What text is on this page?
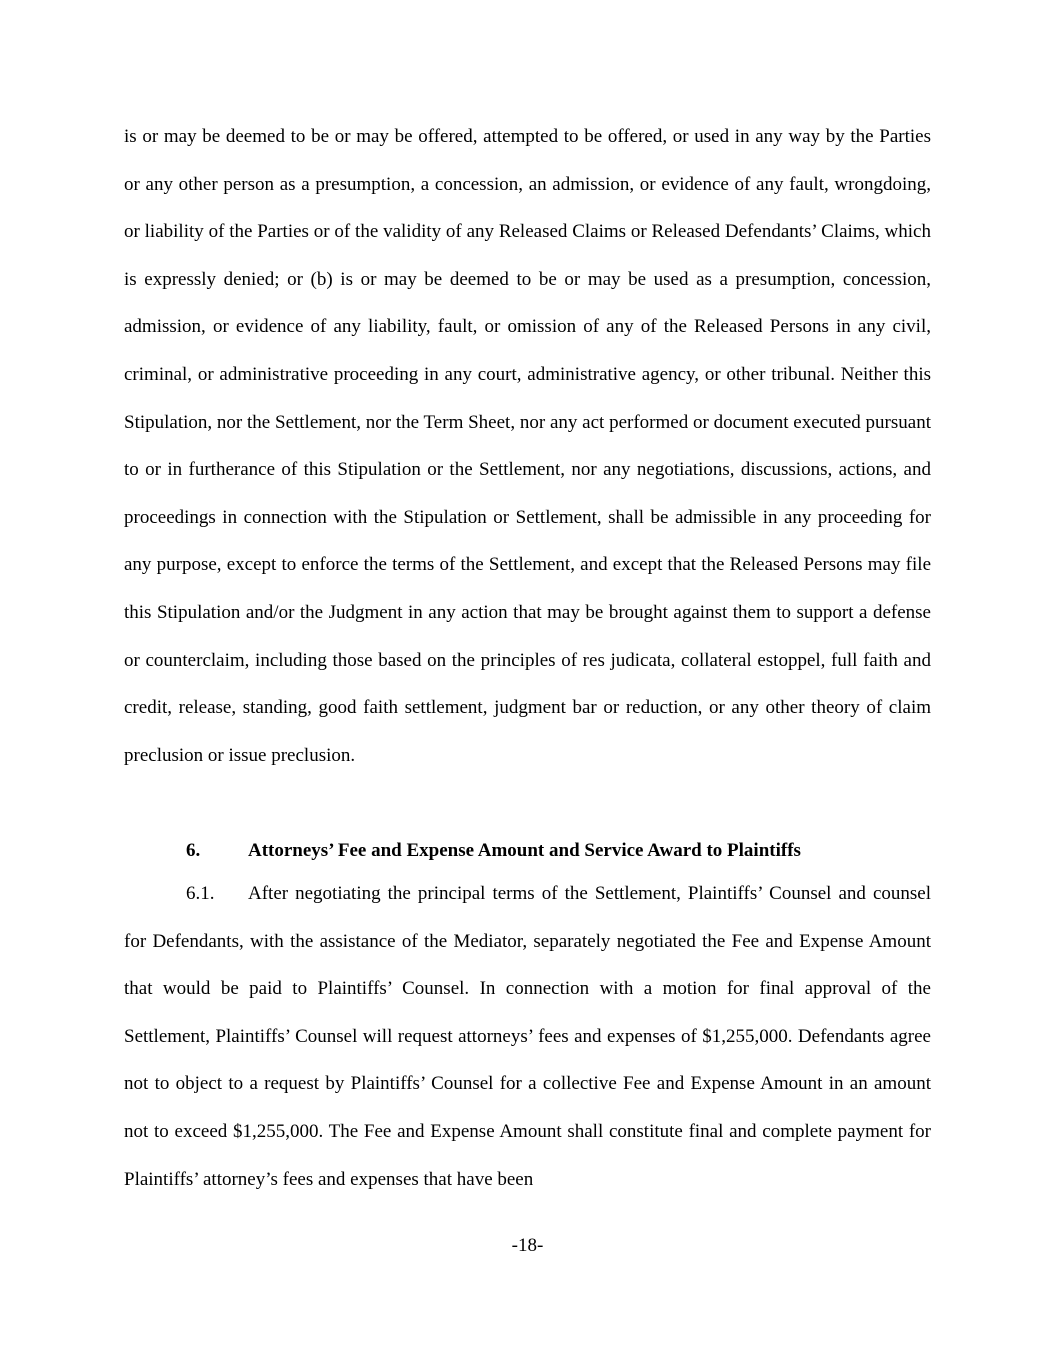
is or may be deemed to be or may be offered, attempted to be offered, or used in any way by the Parties or any other person as a presumption, a concession, an admission, or evidence of any fault, wrongdoing, or liability of the Parties or of the validity of any Released Claims or Released Defendants’ Claims, which is expressly denied; or (b) is or may be deemed to be or may be used as a presumption, concession, admission, or evidence of any liability, fault, or omission of any of the Released Persons in any civil, criminal, or administrative proceeding in any court, administrative agency, or other tribunal. Neither this Stipulation, nor the Settlement, nor the Term Sheet, nor any act performed or document executed pursuant to or in furtherance of this Stipulation or the Settlement, nor any negotiations, discussions, actions, and proceedings in connection with the Stipulation or Settlement, shall be admissible in any proceeding for any purpose, except to enforce the terms of the Settlement, and except that the Released Persons may file this Stipulation and/or the Judgment in any action that may be brought against them to support a defense or counterclaim, including those based on the principles of res judicata, collateral estoppel, full faith and credit, release, standing, good faith settlement, judgment bar or reduction, or any other theory of claim preclusion or issue preclusion.

6.	Attorneys’ Fee and Expense Amount and Service Award to Plaintiffs

6.1. After negotiating the principal terms of the Settlement, Plaintiffs’ Counsel and counsel for Defendants, with the assistance of the Mediator, separately negotiated the Fee and Expense Amount that would be paid to Plaintiffs’ Counsel. In connection with a motion for final approval of the Settlement, Plaintiffs’ Counsel will request attorneys’ fees and expenses of $1,255,000. Defendants agree not to object to a request by Plaintiffs’ Counsel for a collective Fee and Expense Amount in an amount not to exceed $1,255,000. The Fee and Expense Amount shall constitute final and complete payment for Plaintiffs’ attorney’s fees and expenses that have been

-18-
